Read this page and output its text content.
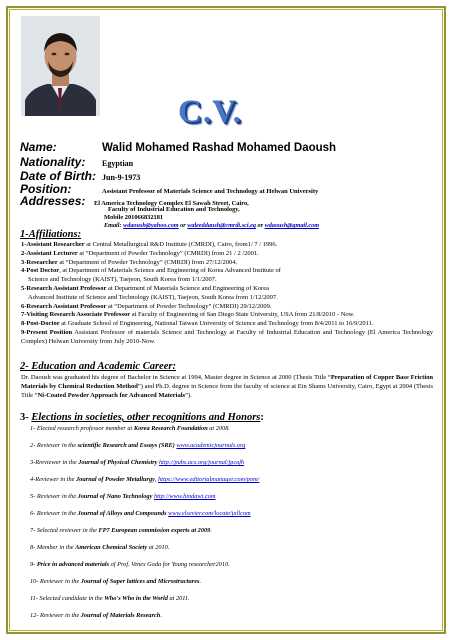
C.V.
Name:	Walid Mohamed Rashad Mohamed Daoush
Nationality:	Egyptian
Date of Birth: Jun-9-1973
Position:	Assistant Professor of Materials Science and Technology at Helwan University
Addresses:	El America Technology Complex El Sawah Street, Cairo,
Faculty of Industrial Education and Technology,
Mobile 201066832181
Email: wdaoush@yahoo.com or waleeddaush@cmrdi.sci.eg or wdaoush@gmail.com
1-Affiliations:
1-Assistant Researcher at Central Metallurgical R&D Institute (CMRDI), Cairo, from1/ 7 / 1996.
2-Assistant Lecturer at “Department of Powder Technology” (CMRDI) from 21 / 2 /2001.
3-Researcher at “Department of Powder Technology” (CMRDI) from 27/12/2004.
4-Post Doctor, at Department of Materials Science and Engineering of Korea Advanced Institute of
Science and Technology (KAIST), Taejeon, South Korea from 1/1/2007.
5-Research Assistant Professor at Department of Materials Science and Engineering of Korea
Advanced Institute of Science and Technology (KAIST), Taejeon, South Korea from 1/12/2007.
6-Research Assistant Professor at “Department of Powder Technology” (CMRDI) 29/12/2009.
7-Visiting Research Associate Professor at Faculty of Engineering of San Diego State University, USA from 21/8/2010 - Now.
8-Post-Doctor at Graduate School of Engineering, National Taiwan University of Science and Technology from 8/4/2011 to 16/9/2011.
9-Present Position Assistant Professor of materials Science and Technology at Faculty of Industrial Education and Technology (El America Technology Complex) Helwan University from July 2010-Now.
2- Education and Academic Career:
Dr. Daoush was graduated his degree of Bachelor in Science at 1994, Master degree in Science at 2000 (Thesis Title “Preparation of Copper Base Friction Materials by Chemical Reduction Method”) and Ph.D. degree in Science from the faculty of science at Ein Shams University, Cairo, Egypt at 2004 (Thesis Title ”Ni-Coated Powder Approach for Advanced Materials”).
3- Elections in societies, other recognitions and Honors:
1- Elected research professor member at Korea Research Foundation at 2008.
2- Reviewer in the scientific Research and Essays (SRE) www.academicjournals.org
3-Rreviewer in the Journal of Physical Chemistry http://pubs.acs.org/journal/jpcafh
4-Reviewer in the Journal of Powder Metallurgy, https://www.editorialmanager.com/pom/
5- Reviewer in the Journal of Nano Technology http://www.hindawi.com
6- Reviewer in the Journal of Alloys and Compounds www.elsevier.com/locate/jallcom
7- Selected reviewer in the FP7 European commission experts at 2009.
8- Member in the American Chemical Society at 2010.
9- Price in advanced materials of Prof. Venes Goda for Young researcher2010.
10- Reviewer in the Journal of Super lattices and Microstructures.
11- Selected candidate in the Who's Who in the World at 2011.
12- Reviewer in the Journal of Materials Research.
